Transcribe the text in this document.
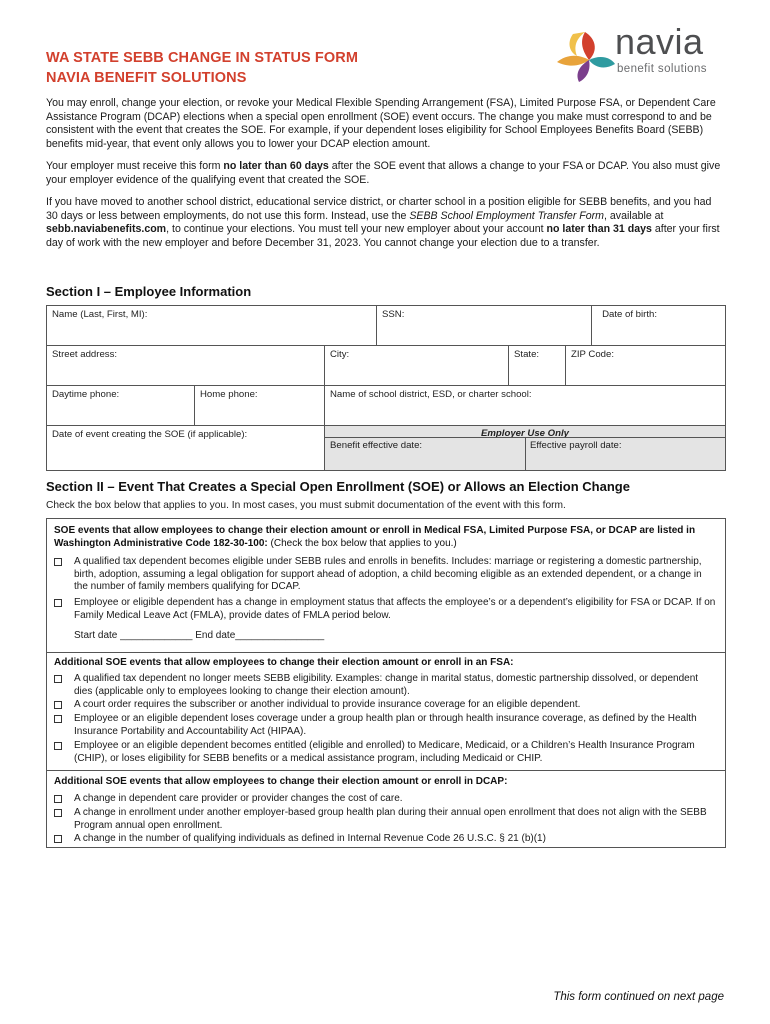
WA STATE SEBB CHANGE IN STATUS FORM
NAVIA BENEFIT SOLUTIONS
navia
benefit solutions
You may enroll, change your election, or revoke your Medical Flexible Spending Arrangement (FSA), Limited Purpose FSA, or Dependent Care Assistance Program (DCAP) elections when a special open enrollment (SOE) event occurs. The change you make must correspond to and be consistent with the event that creates the SOE. For example, if your dependent loses eligibility for School Employees Benefits Board (SEBB) benefits mid-year, that event only allows you to lower your DCAP election amount.
Your employer must receive this form no later than 60 days after the SOE event that allows a change to your FSA or DCAP. You also must give your employer evidence of the qualifying event that created the SOE.
If you have moved to another school district, educational service district, or charter school in a position eligible for SEBB benefits, and you had 30 days or less between employments, do not use this form. Instead, use the SEBB School Employment Transfer Form, available at sebb.naviabenefits.com, to continue your elections. You must tell your new employer about your account no later than 31 days after your first day of work with the new employer and before December 31, 2023. You cannot change your election due to a transfer.
Section I – Employee Information
Name (Last, First, MI):	SSN:	Date of birth:
Street address:	City:	State:	ZIP Code:
Daytime phone:	Home phone:	Name of school district, ESD, or charter school:
Date of event creating the SOE (if applicable):	Employer Use Only
Benefit effective date:	Effective payroll date:
Section II – Event That Creates a Special Open Enrollment (SOE) or Allows an Election Change
Check the box below that applies to you. In most cases, you must submit documentation of the event with this form.
SOE events that allow employees to change their election amount or enroll in Medical FSA, Limited Purpose FSA, or DCAP are listed in Washington Administrative Code 182-30-100: (Check the box below that applies to you.)
A qualified tax dependent becomes eligible under SEBB rules and enrolls in benefits. Includes: marriage or registering a domestic partnership, birth, adoption, assuming a legal obligation for support ahead of adoption, a child becoming eligible as an extended dependent, or a change in the number of family members qualifying for DCAP.
Employee or eligible dependent has a change in employment status that affects the employee’s or a dependent’s eligibility for FSA or DCAP. If on Family Medical Leave Act (FMLA), provide dates of FMLA period below.
Start date _____________ End date________________
Additional SOE events that allow employees to change their election amount or enroll in an FSA:
A qualified tax dependent no longer meets SEBB eligibility. Examples: change in marital status, domestic partnership dissolved, or dependent dies (applicable only to employees looking to change their election amount).
A court order requires the subscriber or another individual to provide insurance coverage for an eligible dependent.
Employee or an eligible dependent loses coverage under a group health plan or through health insurance coverage, as defined by the Health Insurance Portability and Accountability Act (HIPAA).
Employee or an eligible dependent becomes entitled (eligible and enrolled) to Medicare, Medicaid, or a Children’s Health Insurance Program (CHIP), or loses eligibility for SEBB benefits or a medical assistance program, including Medicaid or CHIP.
Additional SOE events that allow employees to change their election amount or enroll in DCAP:
A change in dependent care provider or provider changes the cost of care.
A change in enrollment under another employer-based group health plan during their annual open enrollment that does not align with the SEBB Program annual open enrollment.
A change in the number of qualifying individuals as defined in Internal Revenue Code 26 U.S.C. § 21 (b)(1)
This form continued on next page
